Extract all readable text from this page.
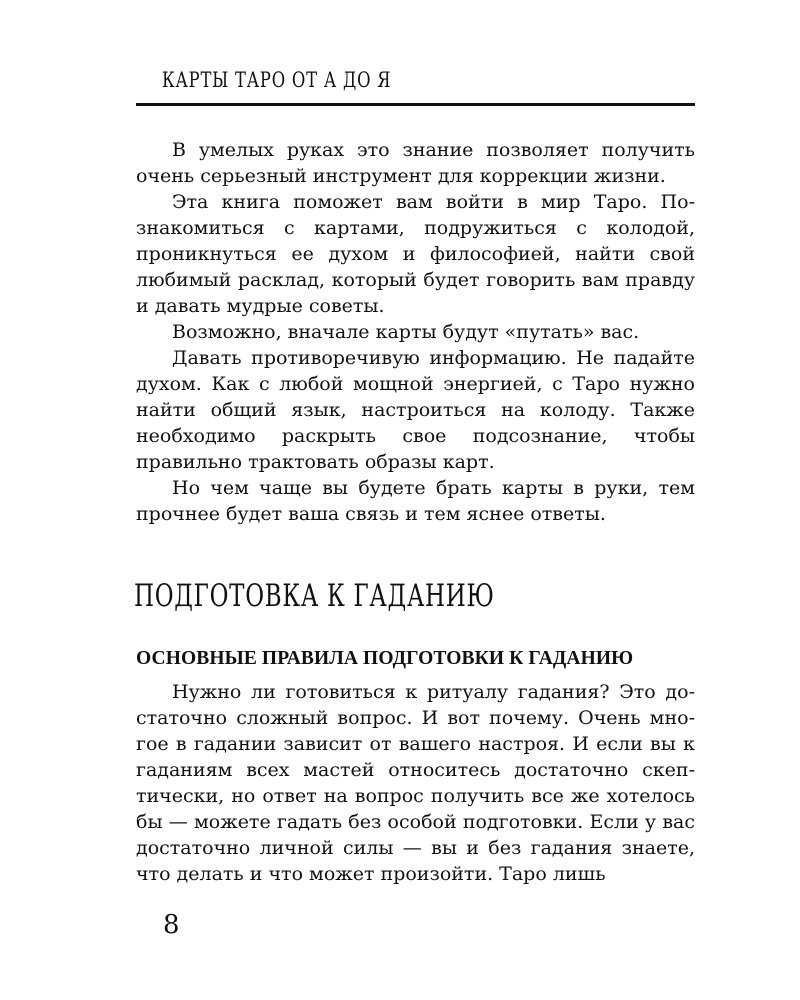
КАРТЫ ТАРО ОТ А ДО Я

В умелых руках это знание позволяет получить очень серьезный инструмент для коррекции жизни.

Эта книга поможет вам войти в мир Таро. Познакомиться с картами, подружиться с колодой, проникнуться ее духом и философией, найти свой любимый расклад, который будет говорить вам правду и давать мудрые советы.

Возможно, вначале карты будут «путать» вас.

Давать противоречивую информацию. Не падайте духом. Как с любой мощной энергией, с Таро нужно найти общий язык, настроиться на колоду. Также необходимо раскрыть свое подсознание, чтобы правильно трактовать образы карт.

Но чем чаще вы будете брать карты в руки, тем прочнее будет ваша связь и тем яснее ответы.

ПОДГОТОВКА К ГАДАНИЮ
ОСНОВНЫЕ ПРАВИЛА ПОДГОТОВКИ К ГАДАНИЮ

Нужно ли готовиться к ритуалу гадания? Это достаточно сложный вопрос. И вот почему. Очень многое в гадании зависит от вашего настроя. И если вы к гаданиям всех мастей относитесь достаточно скептически, но ответ на вопрос получить все же хотелось бы — можете гадать без особой подготовки. Если у вас достаточно личной силы — вы и без гадания знаете, что делать и что может произойти. Таро лишь

8
